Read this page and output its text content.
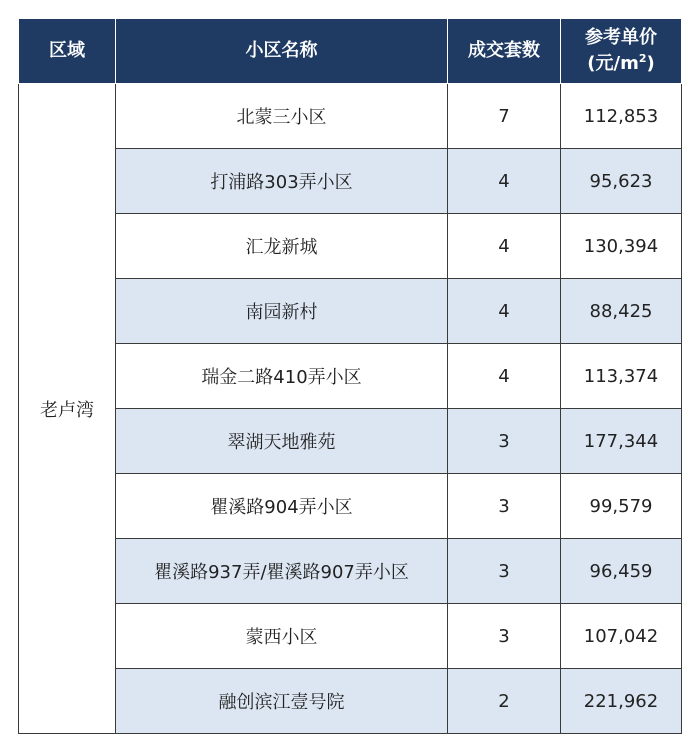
区域	小区名称	成交套数	参考单价
(元$/m^2$)

老卢湾	北蒙三小区	7	112,853
	打浦路303弄小区	4	95,623
	汇龙新城	4	130,394
	南园新村	4	88,425
	瑞金二路410弄小区	4	113,374
	翠湖天地雅苑	3	177,344
	瞿溪路904弄小区	3	99,579
	瞿溪路937弄/瞿溪路907弄小区	3	96,459
	蒙西小区	3	107,042
	融创滨江壹号院	2	221,962
